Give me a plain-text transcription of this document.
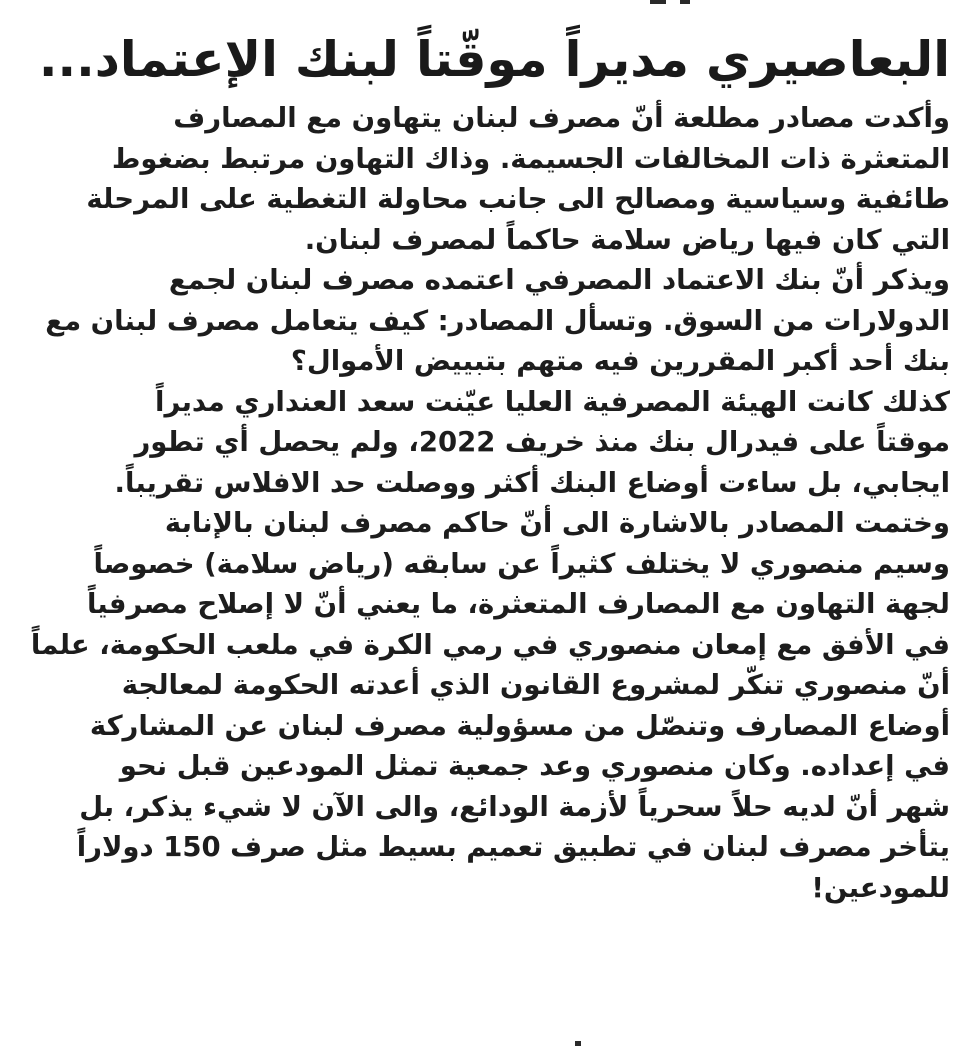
البعاصيري مديراً موقّتاً لبنك الإعتماد...
وأكدت مصادر مطلعة أنّ مصرف لبنان يتهاون مع المصارف
المتعثرة ذات المخالفات الجسيمة. وذاك التهاون مرتبط بضغوط
طائفية وسياسية ومصالح الى جانب محاولة التغطية على المرحلة
التي كان فيها رياض سلامة حاكماً لمصرف لبنان.
ويذكر أنّ بنك الاعتماد المصرفي اعتمده مصرف لبنان لجمع
الدولارات من السوق. وتسأل المصادر: كيف يتعامل مصرف لبنان مع
بنك أحد أكبر المقررين فيه متهم بتبييض الأموال؟
كذلك كانت الهيئة المصرفية العليا عيّنت سعد العنداري مديراً
موقتاً على فيدرال بنك منذ خريف 2022، ولم يحصل أي تطور
ايجابي، بل ساءت أوضاع البنك أكثر ووصلت حد الافلاس تقريباً.
وختمت المصادر بالاشارة الى أنّ حاكم مصرف لبنان بالإنابة
وسيم منصوري لا يختلف كثيراً عن سابقه (رياض سلامة) خصوصاً
لجهة التهاون مع المصارف المتعثرة، ما يعني أنّ لا إصلاح مصرفياً
في الأفق مع إمعان منصوري في رمي الكرة في ملعب الحكومة، علماً
أنّ منصوري تنكّر لمشروع القانون الذي أعدته الحكومة لمعالجة
أوضاع المصارف وتنصّل من مسؤولية مصرف لبنان عن المشاركة
في إعداده. وكان منصوري وعد جمعية تمثل المودعين قبل نحو
شهر أنّ لديه حلاً سحرياً لأزمة الودائع، والى الآن لا شيء يذكر، بل
يتأخر مصرف لبنان في تطبيق تعميم بسيط مثل صرف 150 دولاراً
للمودعين!
